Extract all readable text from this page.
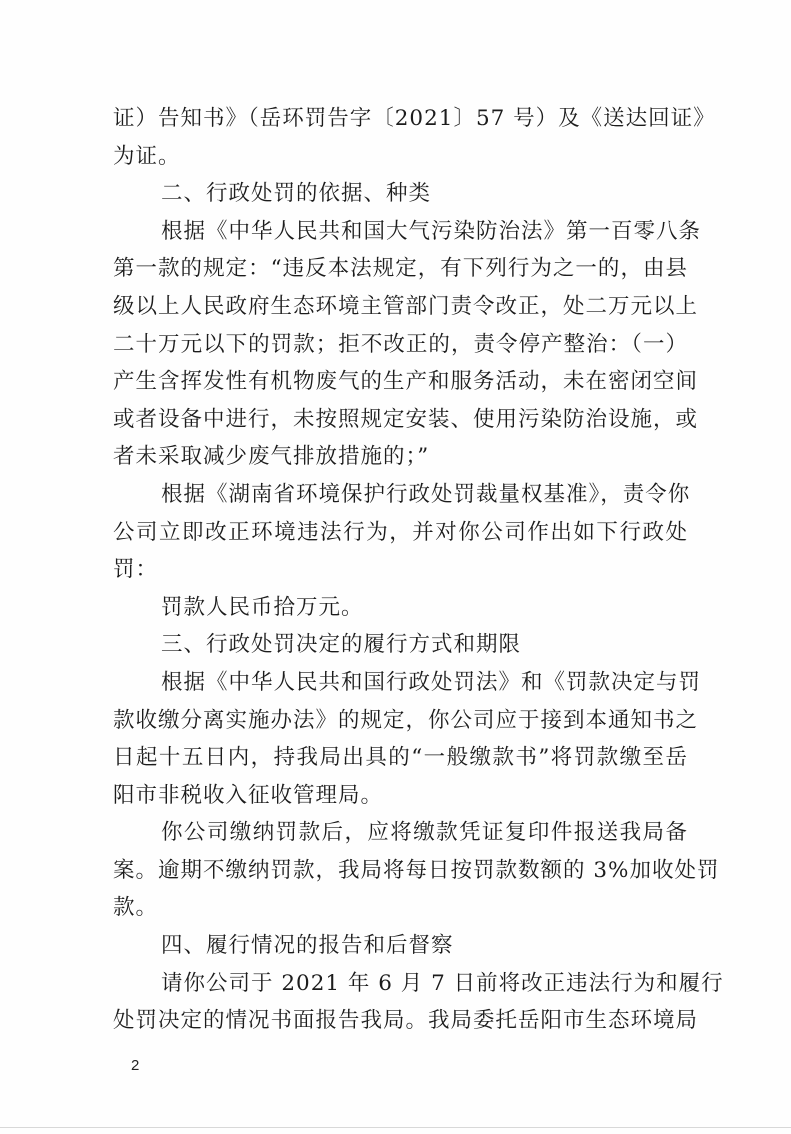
证）告知书》（岳环罚告字〔2021〕57 号）及《送达回证》
为证。
二、行政处罚的依据、种类
根据《中华人民共和国大气污染防治法》第一百零八条
第一款的规定：“违反本法规定，有下列行为之一的，由县
级以上人民政府生态环境主管部门责令改正，处二万元以上
二十万元以下的罚款；拒不改正的，责令停产整治：（一）
产生含挥发性有机物废气的生产和服务活动，未在密闭空间
或者设备中进行，未按照规定安装、使用污染防治设施，或
者未采取减少废气排放措施的；”
根据《湖南省环境保护行政处罚裁量权基准》，责令你
公司立即改正环境违法行为，并对你公司作出如下行政处
罚：
罚款人民币拾万元。
三、行政处罚决定的履行方式和期限
根据《中华人民共和国行政处罚法》和《罚款决定与罚
款收缴分离实施办法》的规定，你公司应于接到本通知书之
日起十五日内，持我局出具的“一般缴款书”将罚款缴至岳
阳市非税收入征收管理局。
你公司缴纳罚款后，应将缴款凭证复印件报送我局备
案。逾期不缴纳罚款，我局将每日按罚款数额的 3%加收处罚
款。
四、履行情况的报告和后督察
请你公司于 2021 年 6 月 7 日前将改正违法行为和履行
处罚决定的情况书面报告我局。我局委托岳阳市生态环境局
2
